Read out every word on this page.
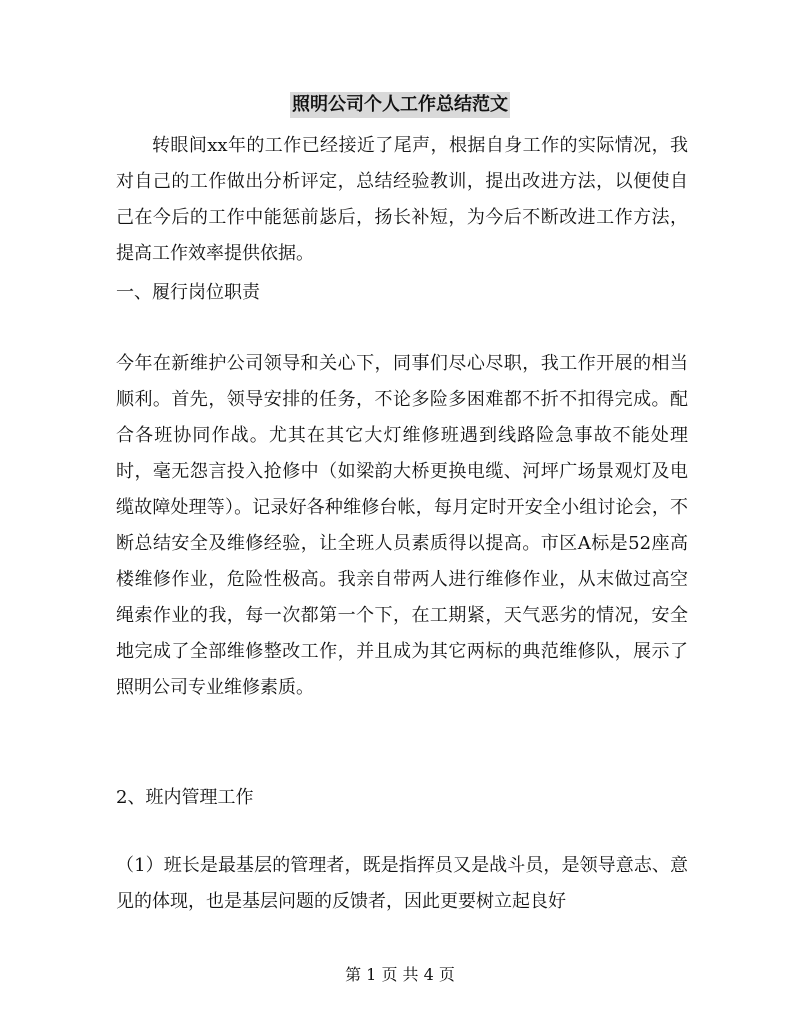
照明公司个人工作总结范文

转眼间xx年的工作已经接近了尾声，根据自身工作的实际情况，我对自己的工作做出分析评定，总结经验教训，提出改进方法，以便使自己在今后的工作中能惩前毖后，扬长补短，为今后不断改进工作方法，提高工作效率提供依据。

一、履行岗位职责

今年在新维护公司领导和关心下，同事们尽心尽职，我工作开展的相当顺利。首先，领导安排的任务，不论多险多困难都不折不扣得完成。配合各班协同作战。尤其在其它大灯维修班遇到线路险急事故不能处理时，毫无怨言投入抢修中（如梁韵大桥更换电缆、河坪广场景观灯及电缆故障处理等）。记录好各种维修台帐，每月定时开安全小组讨论会，不断总结安全及维修经验，让全班人员素质得以提高。市区A标是52座高楼维修作业，危险性极高。我亲自带两人进行维修作业，从末做过高空绳索作业的我，每一次都第一个下，在工期紧，天气恶劣的情况，安全地完成了全部维修整改工作，并且成为其它两标的典范维修队，展示了照明公司专业维修素质。

2、班内管理工作

（1）班长是最基层的管理者，既是指挥员又是战斗员，是领导意志、意见的体现，也是基层问题的反馈者，因此更要树立起良好

第 1 页 共 4 页
